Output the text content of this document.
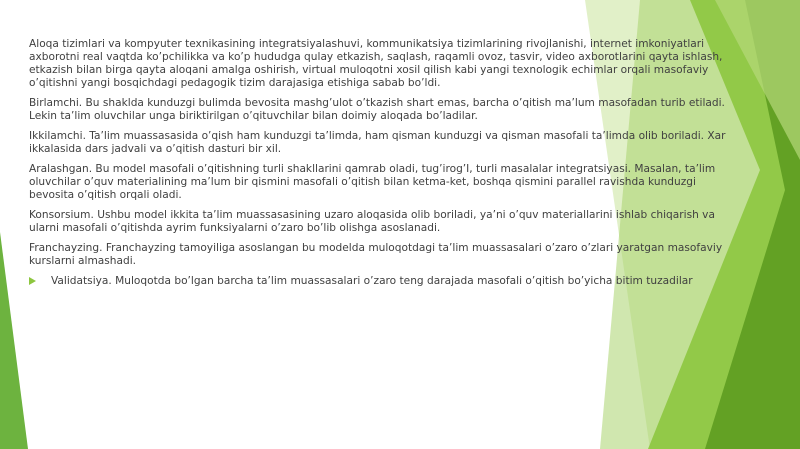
Aloqa tizimlari va kompyuter texnikasining integratsiyalashuvi, kommunikatsiya tizimlarining rivojlanishi, internet imkoniyatlari axborotni real vaqtda ko’pchilikka va ko’p hududga qulay etkazish, saqlash, raqamli ovoz, tasvir, video axborotlarini qayta ishlash, etkazish bilan birga qayta aloqani amalga oshirish, virtual muloqotni xosil qilish kabi yangi texnologik echimlar orqali masofaviy o’qitishni yangi bosqichdagi pedagogik tizim darajasiga etishiga sabab bo’ldi.

Birlamchi. Bu shaklda kunduzgi bulimda bevosita mashg’ulot o’tkazish shart emas, barcha o’qitish ma’lum masofadan turib etiladi. Lekin ta’lim oluvchilar unga biriktirilgan o’qituvchilar bilan doimiy aloqada bo’ladilar.

Ikkilamchi. Ta’lim muassasasida o’qish ham kunduzgi ta’limda, ham qisman kunduzgi va qisman masofali ta’limda olib boriladi. Xar ikkalasida dars jadvali va o’qitish dasturi bir xil.

Aralashgan. Bu model masofali o’qitishning turli shakllarini qamrab oladi, tug’irog’I, turli masalalar integratsiyasi. Masalan, ta’lim oluvchilar o’quv materialining ma’lum bir qismini masofali o’qitish bilan ketma-ket, boshqa qismini parallel ravishda kunduzgi bevosita o’qitish orqali oladi.

Konsorsium. Ushbu model ikkita ta’lim muassasasining uzaro aloqasida olib boriladi, ya’ni o’quv materiallarini ishlab chiqarish va ularni masofali o’qitishda ayrim funksiyalarni o’zaro bo’lib olishga asoslanadi.

Franchayzing. Franchayzing tamoyiliga asoslangan bu modelda muloqotdagi ta’lim muassasalari o’zaro o’zlari yaratgan masofaviy kurslarni almashadi.

Validatsiya. Muloqotda bo’lgan barcha ta’lim muassasalari o’zaro teng darajada masofali o’qitish bo’yicha bitim tuzadilar
